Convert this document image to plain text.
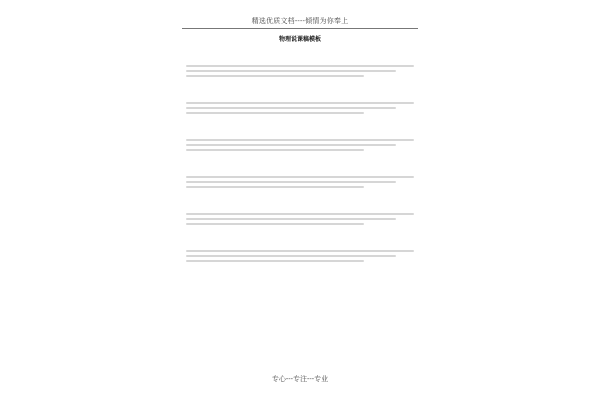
精选优质文档----倾情为你奉上
物理说课稿模板
专心---专注---专业
